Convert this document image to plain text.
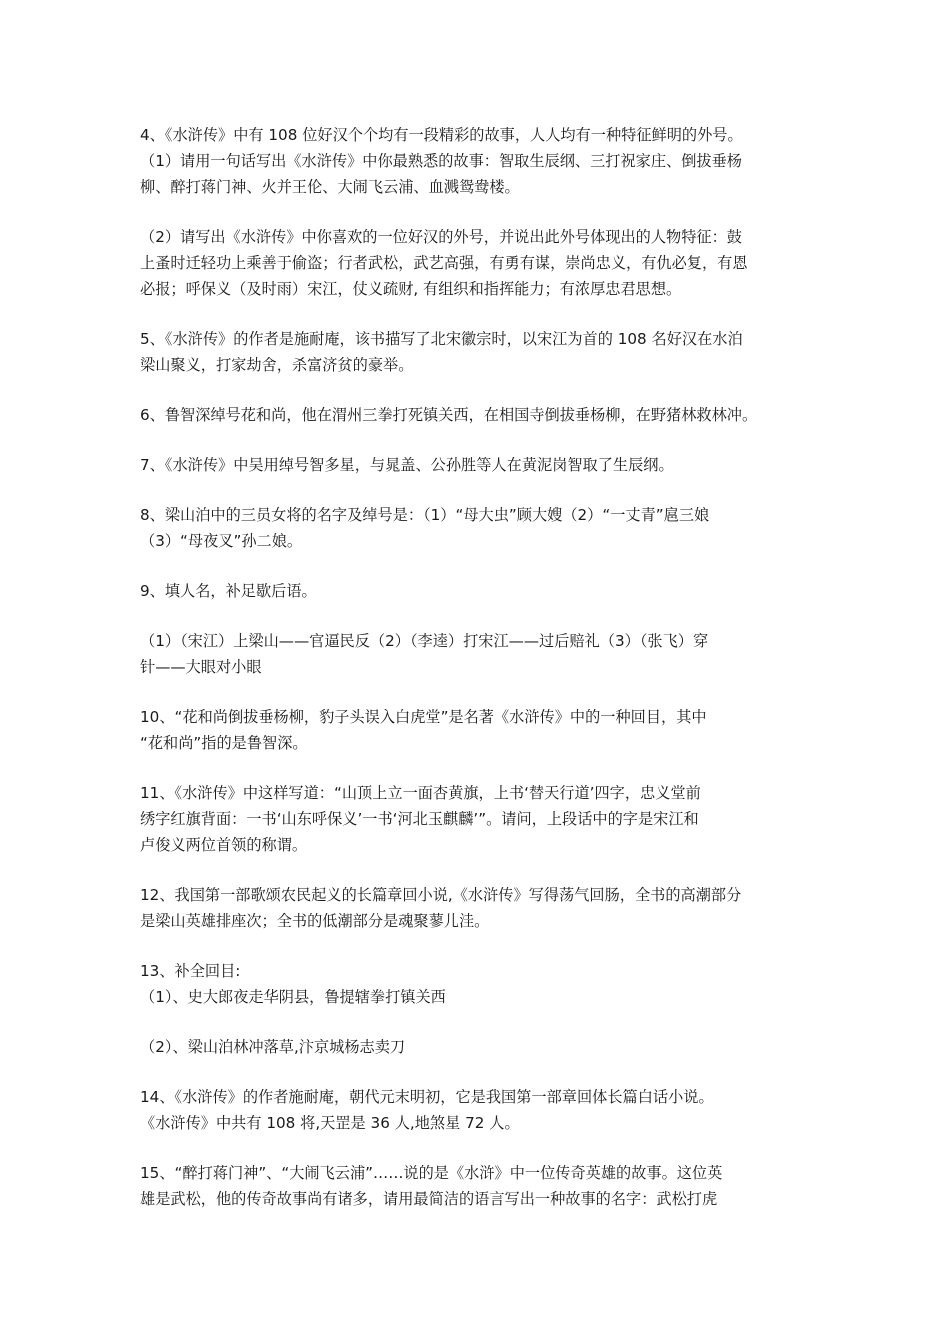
4、《水浒传》中有 108 位好汉个个均有一段精彩的故事，人人均有一种特征鲜明的外号。
（1）请用一句话写出《水浒传》中你最熟悉的故事：智取生辰纲、三打祝家庄、倒拔垂杨
柳、醉打蒋门神、火并王伦、大闹飞云浦、血溅鸳鸯楼。
（2）请写出《水浒传》中你喜欢的一位好汉的外号，并说出此外号体现出的人物特征：鼓
上蚤时迁轻功上乘善于偷盗；行者武松，武艺高强，有勇有谋，崇尚忠义，有仇必复，有恩
必报；呼保义（及时雨）宋江，仗义疏财, 有组织和指挥能力；有浓厚忠君思想。
5、《水浒传》的作者是施耐庵，该书描写了北宋徽宗时，以宋江为首的 108 名好汉在水泊
梁山聚义，打家劫舍，杀富济贫的豪举。
6、鲁智深绰号花和尚，他在渭州三拳打死镇关西，在相国寺倒拔垂杨柳，在野猪林救林冲。
7、《水浒传》中吴用绰号智多星，与晁盖、公孙胜等人在黄泥岗智取了生辰纲。
8、梁山泊中的三员女将的名字及绰号是：（1）“母大虫”顾大嫂（2）“一丈青”扈三娘
（3）“母夜叉”孙二娘。
9、填人名，补足歇后语。
（1）（宋江）上梁山——官逼民反（2）（李逵）打宋江——过后赔礼（3）（张飞）穿
针——大眼对小眼
10、“花和尚倒拔垂杨柳，豹子头误入白虎堂”是名著《水浒传》中的一种回目，其中
“花和尚”指的是鲁智深。
11、《水浒传》中这样写道：“山顶上立一面杏黄旗，上书‘替天行道’四字，忠义堂前
绣字红旗背面：一书‘山东呼保义’一书‘河北玉麒麟’”。请问，上段话中的字是宋江和
卢俊义两位首领的称谓。
12、我国第一部歌颂农民起义的长篇章回小说,《水浒传》写得荡气回肠，全书的高潮部分
是梁山英雄排座次；全书的低潮部分是魂聚蓼儿洼。
13、补全回目:
（1）、史大郎夜走华阴县，鲁提辖拳打镇关西
（2）、梁山泊林冲落草,汴京城杨志卖刀
14、《水浒传》的作者施耐庵，朝代元末明初，它是我国第一部章回体长篇白话小说。
《水浒传》中共有 108 将,天罡是 36 人,地煞星 72 人。
15、“醉打蒋门神”、“大闹飞云浦”……说的是《水浒》中一位传奇英雄的故事。这位英
雄是武松，他的传奇故事尚有诸多，请用最简洁的语言写出一种故事的名字：武松打虎
